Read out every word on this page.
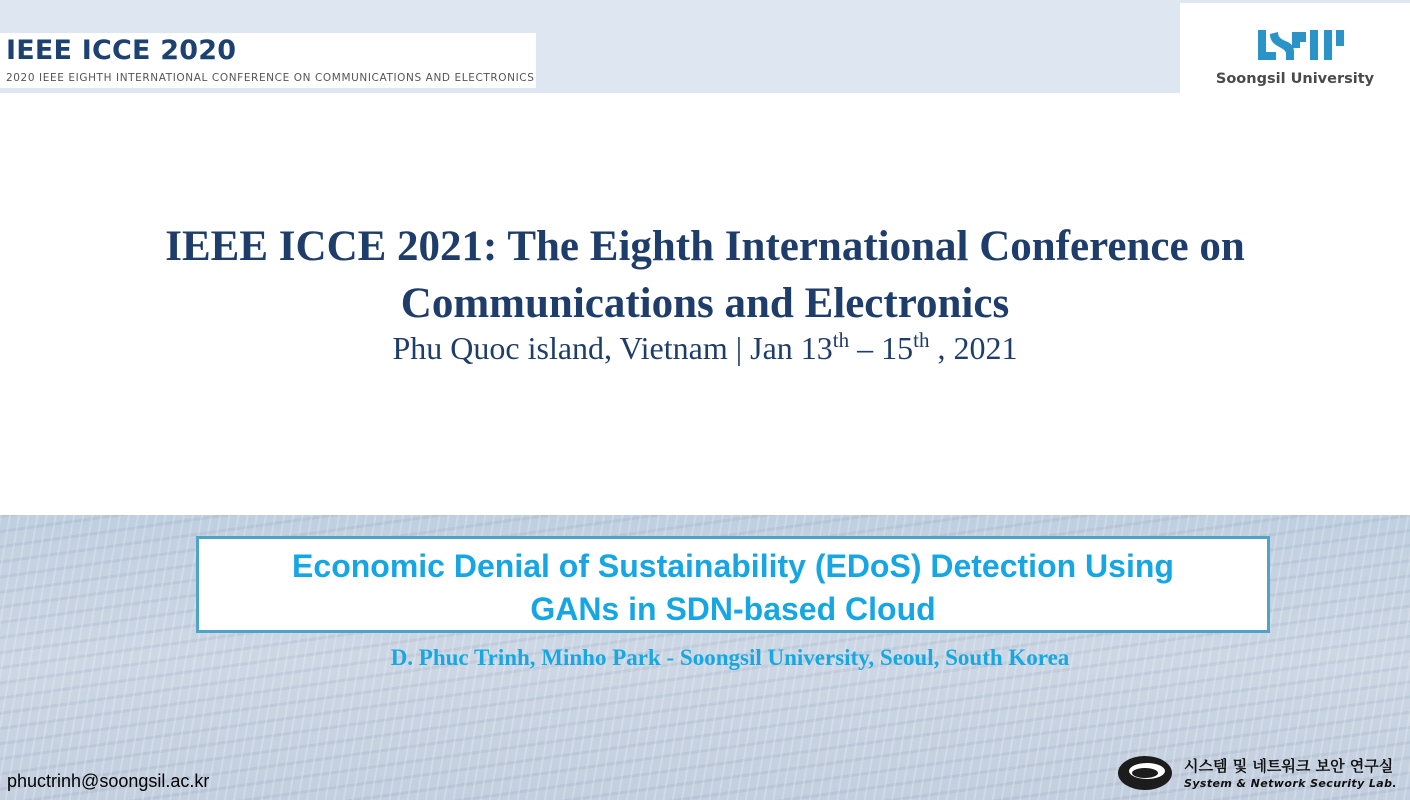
IEEE ICCE 2020
2020 IEEE EIGHTH INTERNATIONAL CONFERENCE ON COMMUNICATIONS AND ELECTRONICS	Soongsil University
IEEE ICCE 2021: The Eighth International Conference on
Communications and Electronics
Phu Quoc island, Vietnam | Jan 13th – 15th , 2021
Economic Denial of Sustainability (EDoS) Detection Using
GANs in SDN-based Cloud
D. Phuc Trinh, Minho Park - Soongsil University, Seoul, South Korea
phuctrinh@soongsil.ac.kr
시스템 및 네트워크 보안 연구실
System & Network Security Lab.
